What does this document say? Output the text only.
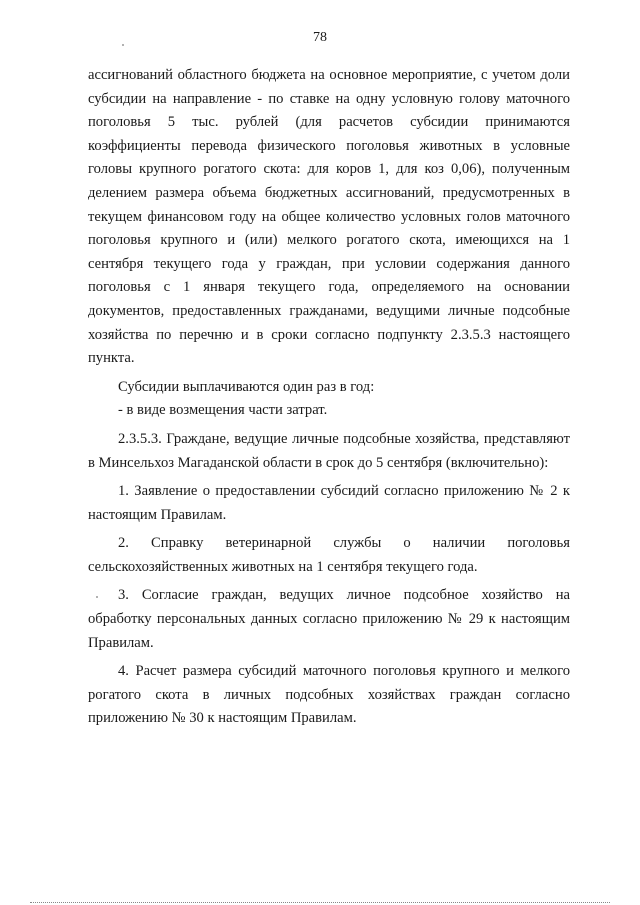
78

ассигнований областного бюджета на основное мероприятие, с учетом доли субсидии на направление - по ставке на одну условную голову маточного поголовья 5 тыс. рублей (для расчетов субсидии принимаются коэффициенты перевода физического поголовья животных в условные головы крупного рогатого скота: для коров 1, для коз 0,06), полученным делением размера объема бюджетных ассигнований, предусмотренных в текущем финансовом году на общее количество условных голов маточного поголовья крупного и (или) мелкого рогатого скота, имеющихся на 1 сентября текущего года у граждан, при условии содержания данного поголовья с 1 января текущего года, определяемого на основании документов, предоставленных гражданами, ведущими личные подсобные хозяйства по перечню и в сроки согласно подпункту 2.3.5.3 настоящего пункта.

Субсидии выплачиваются один раз в год:

- в виде возмещения части затрат.

2.3.5.3. Граждане, ведущие личные подсобные хозяйства, представляют в Минсельхоз Магаданской области в срок до 5 сентября (включительно):

1. Заявление о предоставлении субсидий согласно приложению № 2 к настоящим Правилам.

2. Справку ветеринарной службы о наличии поголовья сельскохозяйственных животных на 1 сентября текущего года.

3. Согласие граждан, ведущих личное подсобное хозяйство на обработку персональных данных согласно приложению № 29 к настоящим Правилам.

4. Расчет размера субсидий маточного поголовья крупного и мелкого рогатого скота в личных подсобных хозяйствах граждан согласно приложению № 30 к настоящим Правилам.
